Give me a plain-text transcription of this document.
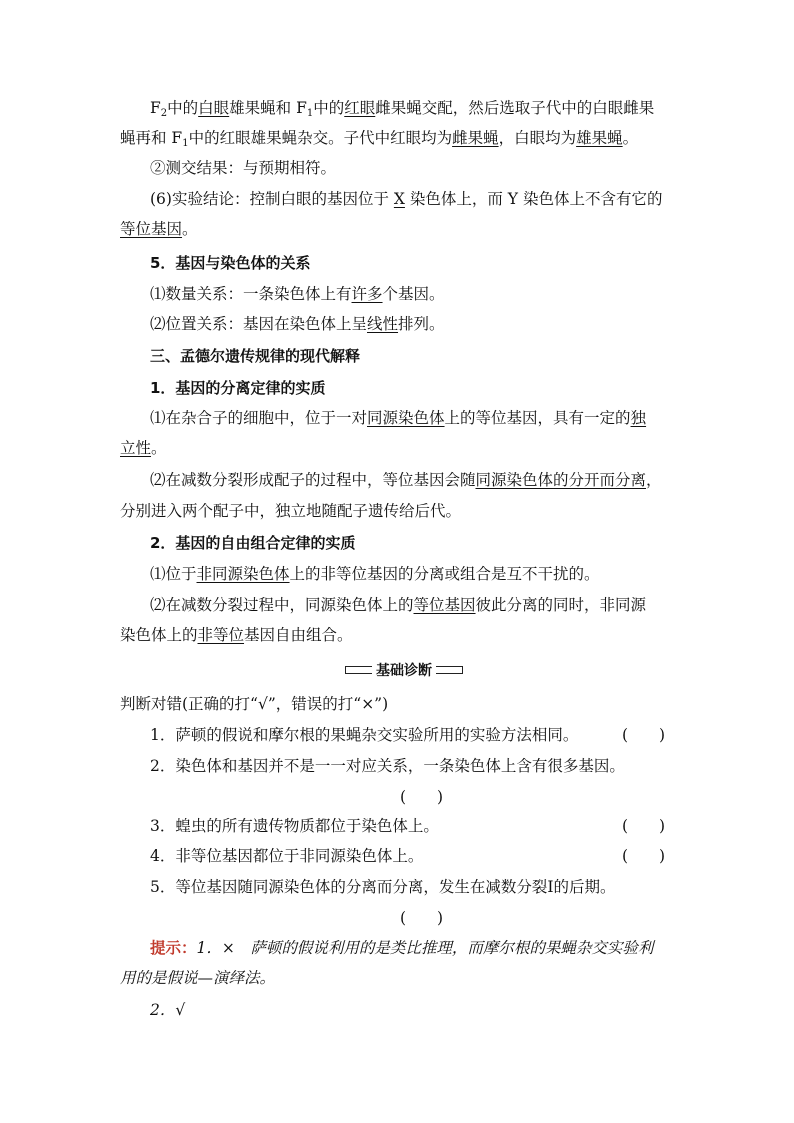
$F_2$中的白眼雄果蝇和 $F_1$中的红眼雌果蝇交配，然后选取子代中的白眼雌果
蝇再和 $F_1$中的红眼雄果蝇杂交。子代中红眼均为雌果蝇，白眼均为雄果蝇。
②测交结果：与预期相符。
(6)实验结论：控制白眼的基因位于 X 染色体上，而 Y 染色体上不含有它的
等位基因。
5．基因与染色体的关系
⑴数量关系：一条染色体上有许多个基因。
⑵位置关系：基因在染色体上呈线性排列。
三、孟德尔遗传规律的现代解释
1．基因的分离定律的实质
⑴在杂合子的细胞中，位于一对同源染色体上的等位基因，具有一定的独
立性。
⑵在减数分裂形成配子的过程中，等位基因会随同源染色体的分开而分离，
分别进入两个配子中，独立地随配子遗传给后代。
2．基因的自由组合定律的实质
⑴位于非同源染色体上的非等位基因的分离或组合是互不干扰的。
⑵在减数分裂过程中，同源染色体上的等位基因彼此分离的同时，非同源
染色体上的非等位基因自由组合。
基础诊断
判断对错(正确的打“√”，错误的打“×”)
1．萨顿的假说和摩尔根的果蝇杂交实验所用的实验方法相同。	(　　)
2．染色体和基因并不是一一对应关系，一条染色体上含有很多基因。
(　　)
3．蝗虫的所有遗传物质都位于染色体上。	(　　)
4．非等位基因都位于非同源染色体上。	(　　)
5．等位基因随同源染色体的分离而分离，发生在减数分裂Ⅰ的后期。
(　　)
提示：1．×　萨顿的假说利用的是类比推理，而摩尔根的果蝇杂交实验利
用的是假说—演绎法。
2．√
